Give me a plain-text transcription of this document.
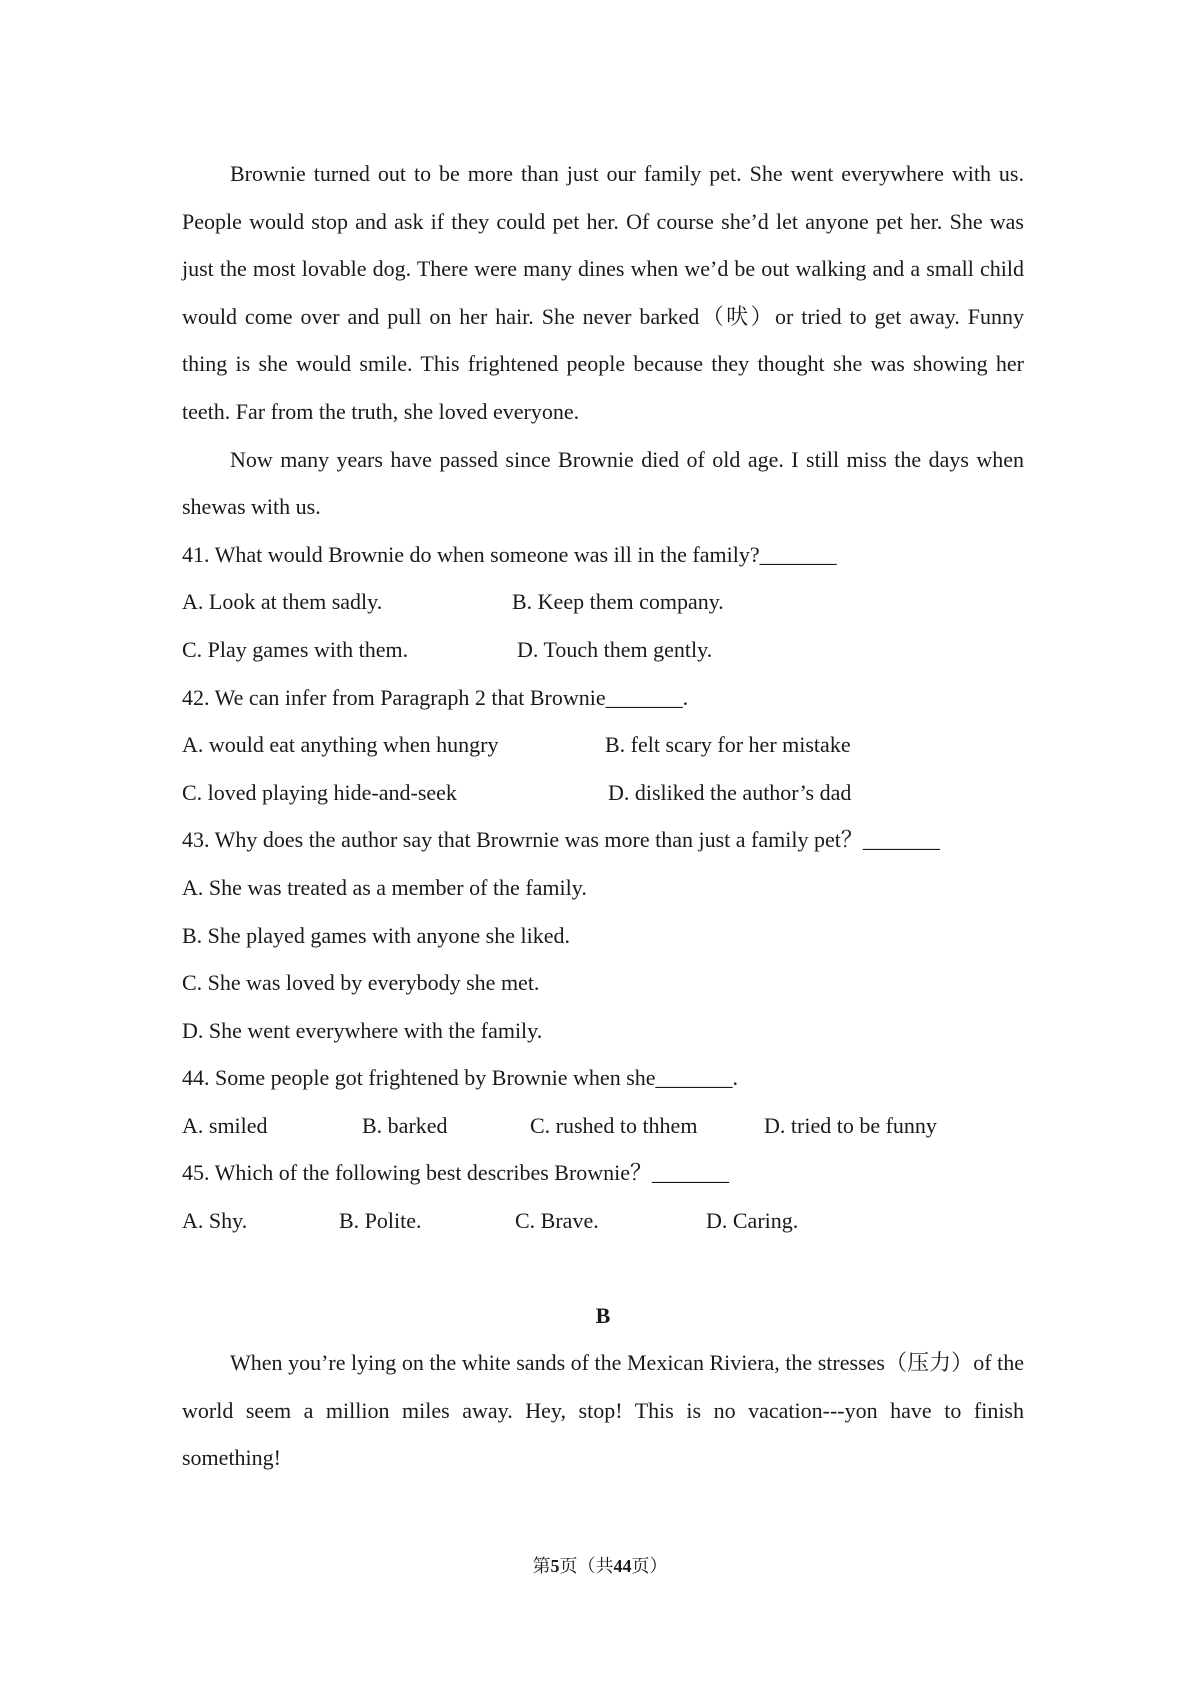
Brownie turned out to be more than just our family pet. She went everywhere with us. People would stop and ask if they could pet her. Of course she’d let anyone pet her. She was just the most lovable dog. There were many dines when we’d be out walking and a small child would come over and pull on her hair. She never barked（吠）or tried to get away. Funny thing is she would smile. This frightened people because they thought she was showing her teeth. Far from the truth, she loved everyone.

Now many years have passed since Brownie died of old age. I still miss the days when shewas with us.

41. What would Brownie do when someone was ill in the family?_______

A. Look at them sadly.	B. Keep them company.
C. Play games with them.	D. Touch them gently.

42. We can infer from Paragraph 2 that Brownie_______.

A. would eat anything when hungry	B. felt scary for her mistake
C. loved playing hide-and-seek	D. disliked the author’s dad

43. Why does the author say that Browrnie was more than just a family pet？_______

A. She was treated as a member of the family.

B. She played games with anyone she liked.

C. She was loved by everybody she met.

D. She went everywhere with the family.

44. Some people got frightened by Brownie when she_______.

A. smiled	B. barked	C. rushed to thhem	D. tried to be funny

45. Which of the following best describes Brownie？_______

A. Shy.	B. Polite.	C. Brave.	D. Caring.

B

When you’re lying on the white sands of the Mexican Riviera, the stresses（压力）of the world seem a million miles away. Hey, stop! This is no vacation---yon have to finish something!

第5页（共44页）
